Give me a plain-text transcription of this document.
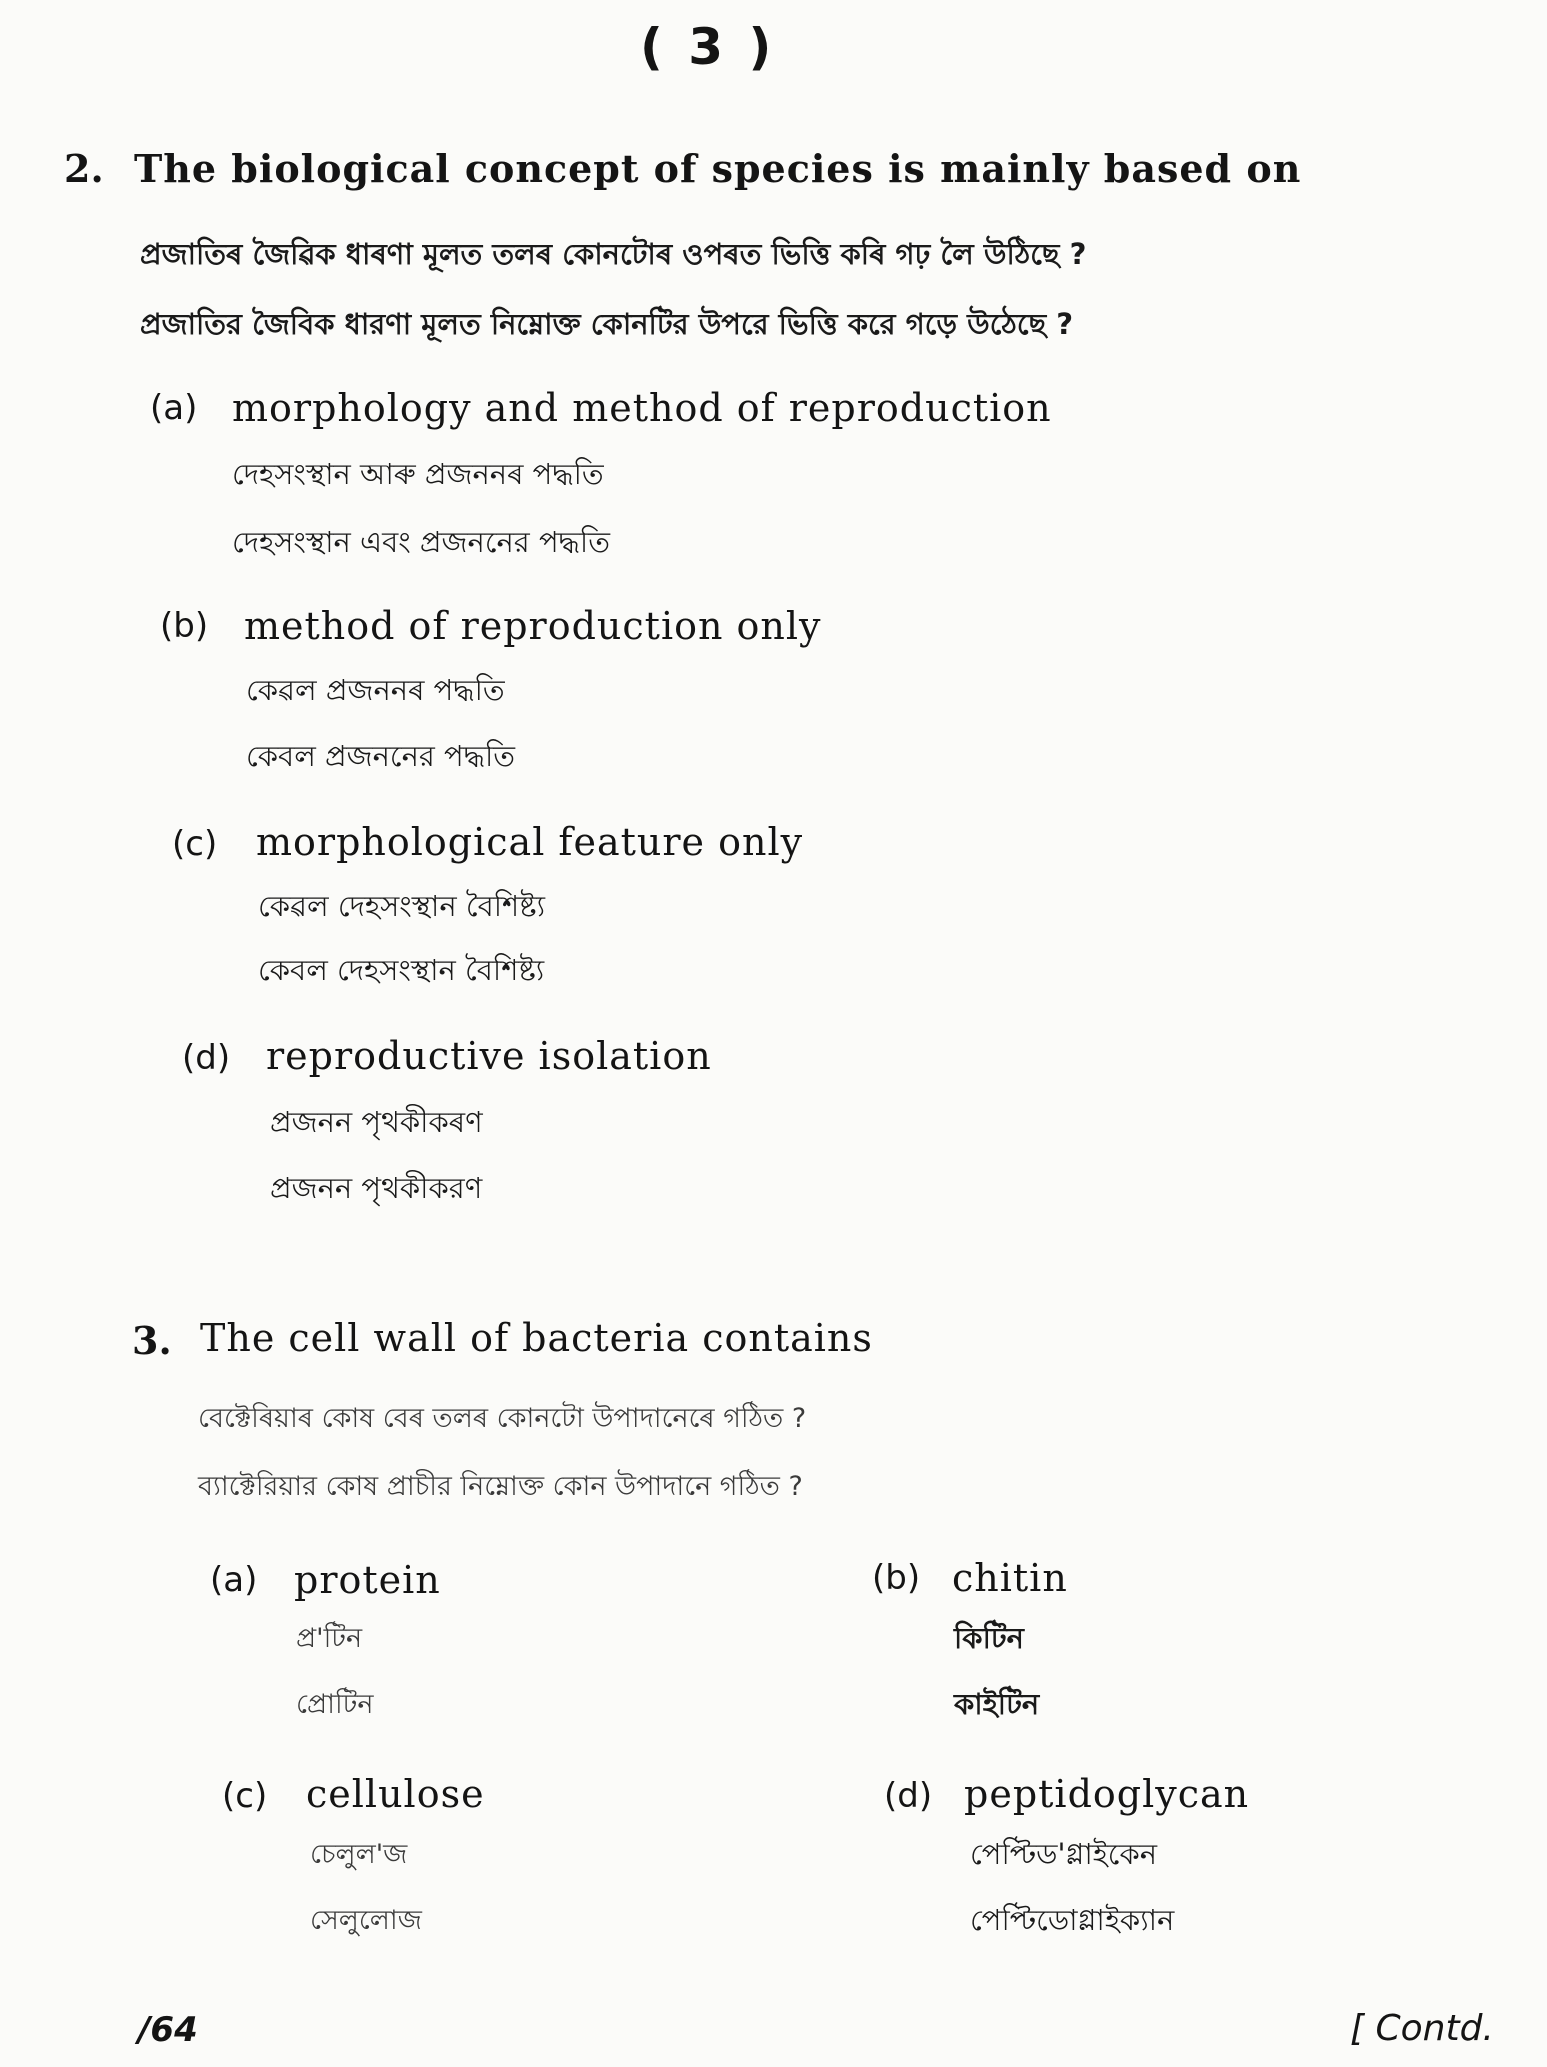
( 3 )
2. The biological concept of species is mainly based on
প্ৰজাতিৰ জৈৱিক ধাৰণা মূলত তলৰ কোনটোৰ ওপৰত ভিত্তি কৰি গঢ় লৈ উঠিছে ?
প্রজাতির জৈবিক ধারণা মূলত নিম্নোক্ত কোনটির উপরে ভিত্তি করে গড়ে উঠেছে ?
(a) morphology and method of reproduction
দেহসংস্থান আৰু প্ৰজননৰ পদ্ধতি
দেহসংস্থান এবং প্রজননের পদ্ধতি
(b) method of reproduction only
কেৱল প্ৰজননৰ পদ্ধতি
কেবল প্রজননের পদ্ধতি
(c) morphological feature only
কেৱল দেহসংস্থান বৈশিষ্ট্য
কেবল দেহসংস্থান বৈশিষ্ট্য
(d) reproductive isolation
প্ৰজনন পৃথকীকৰণ
প্রজনন পৃথকীকরণ
3. The cell wall of bacteria contains
বেক্টেৰিয়াৰ কোষ বেৰ তলৰ কোনটো উপাদানেৰে গঠিত ?
ব্যাক্টেরিয়ার কোষ প্রাচীর নিম্নোক্ত কোন উপাদানে গঠিত ?
(a) protein
প্ৰ'টিন
প্রোটিন
(b) chitin
কিটিন
কাইটিন
(c) cellulose
চেলুল'জ
সেলুলোজ
(d) peptidoglycan
পেপ্টিড'গ্লাইকেন
পেপ্টিডোগ্লাইক্যান
/64	[ Contd.
